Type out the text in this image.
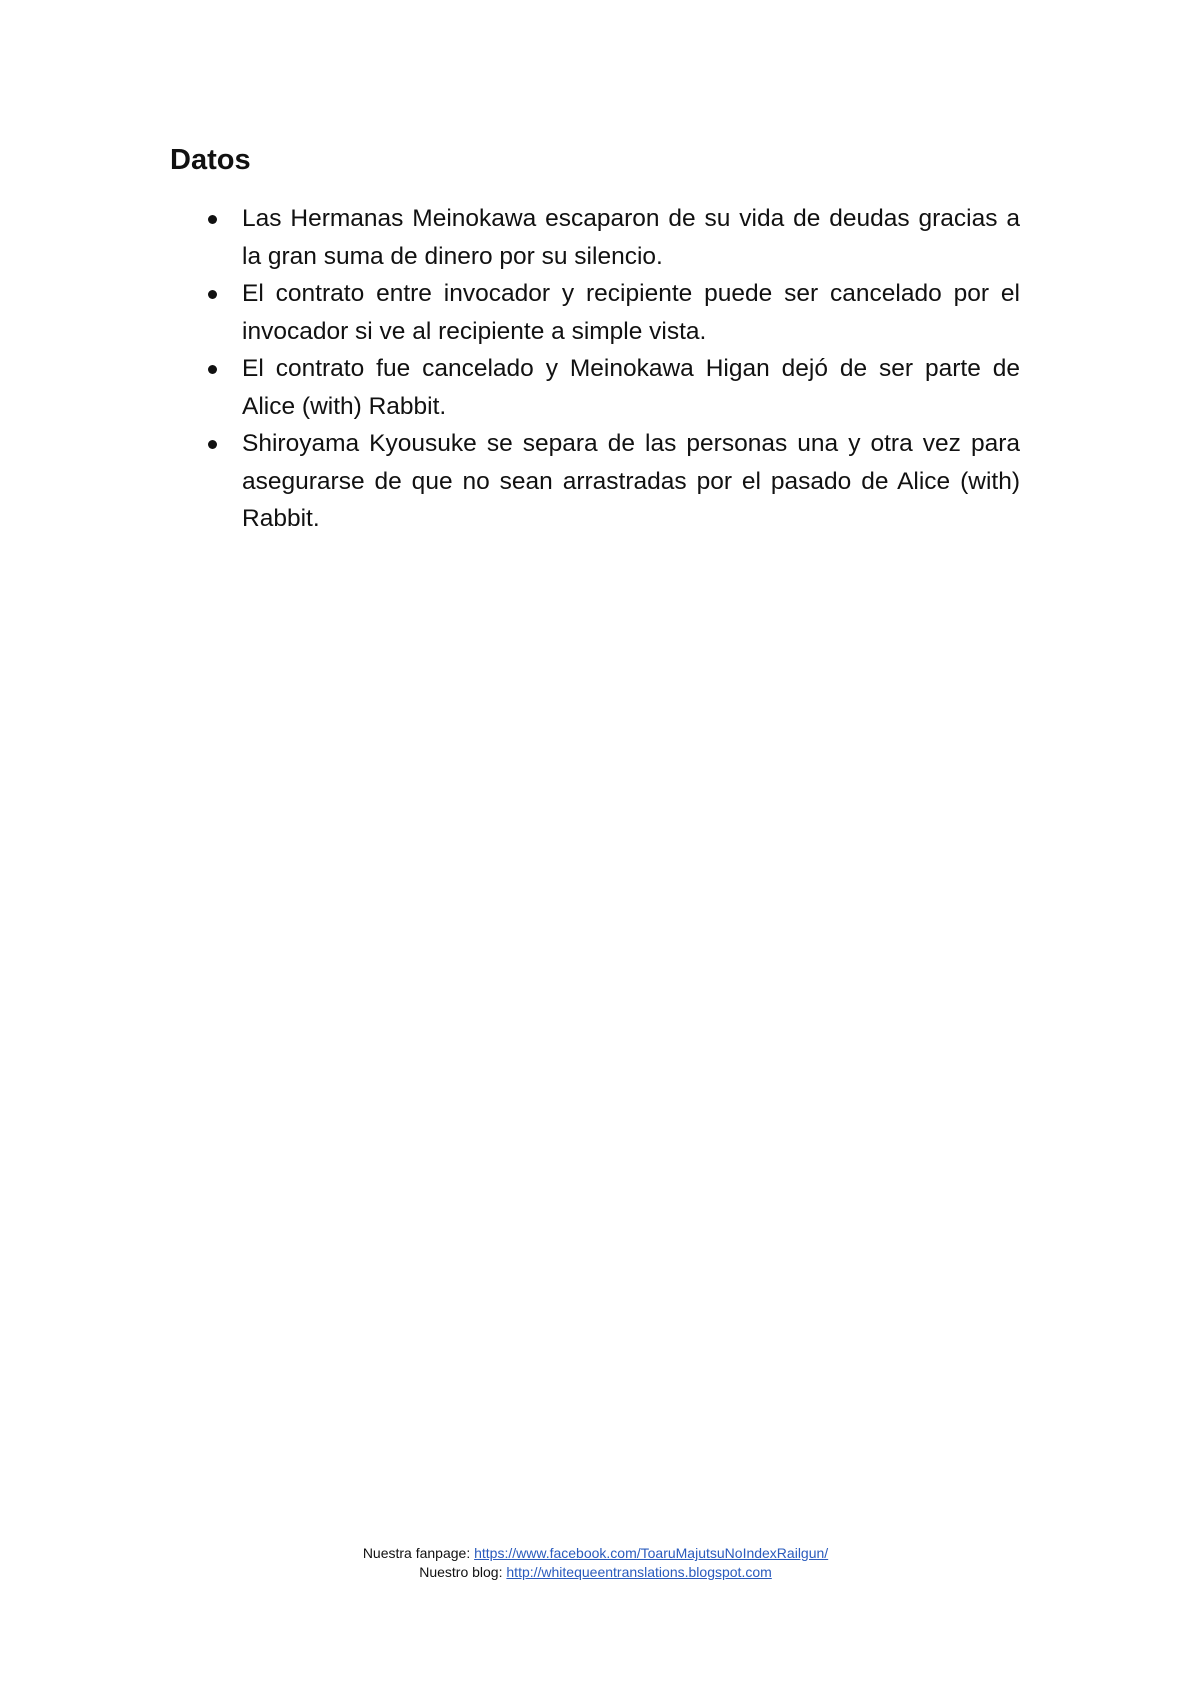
Datos
Las Hermanas Meinokawa escaparon de su vida de deudas gracias a la gran suma de dinero por su silencio.
El contrato entre invocador y recipiente puede ser cancelado por el invocador si ve al recipiente a simple vista.
El contrato fue cancelado y Meinokawa Higan dejó de ser parte de Alice (with) Rabbit.
Shiroyama Kyousuke se separa de las personas una y otra vez para asegurarse de que no sean arrastradas por el pasado de Alice (with) Rabbit.
Nuestra fanpage: https://www.facebook.com/ToaruMajutsuNoIndexRailgun/
Nuestro blog: http://whitequeentranslations.blogspot.com
